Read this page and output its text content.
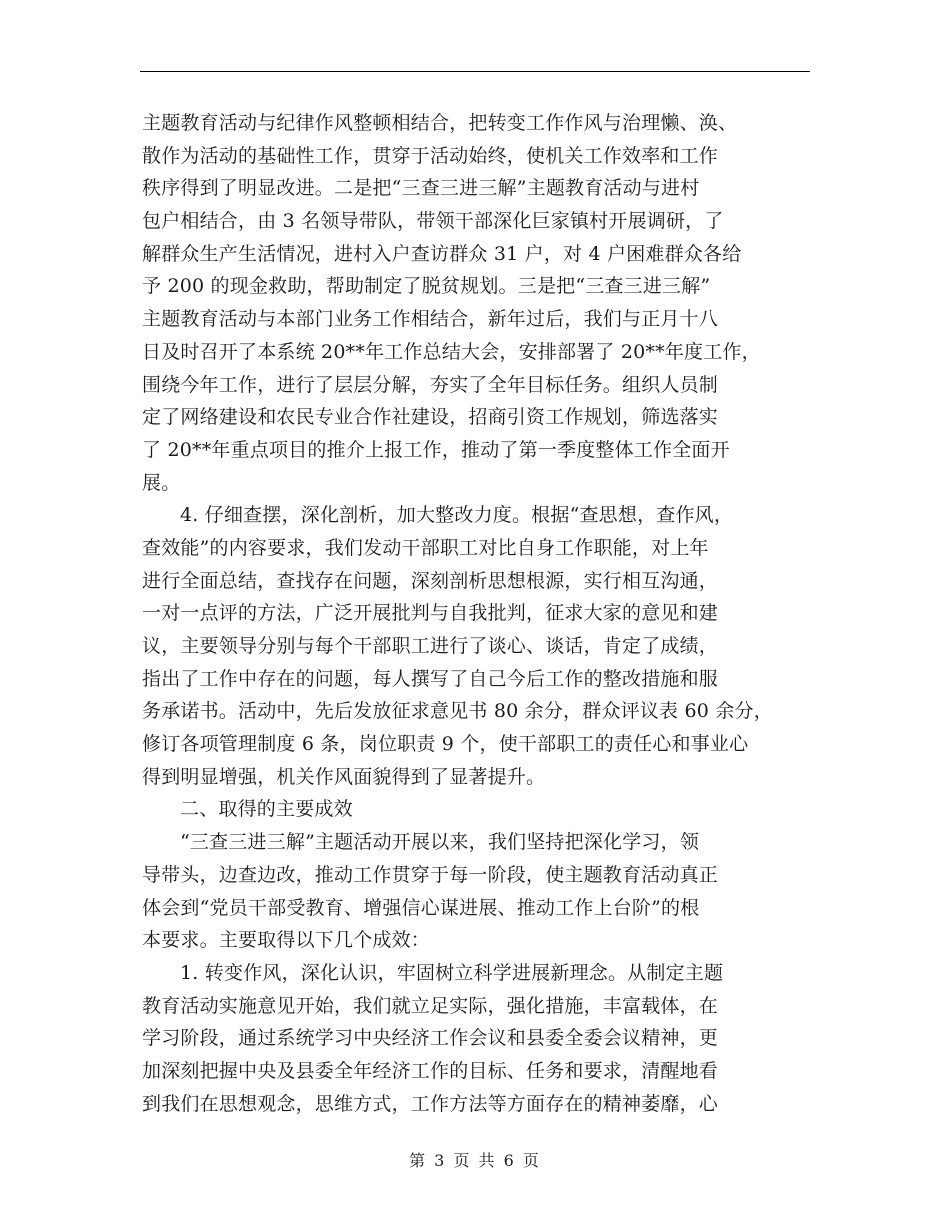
主题教育活动与纪律作风整顿相结合，把转变工作作风与治理懒、涣、
散作为活动的基础性工作，贯穿于活动始终，使机关工作效率和工作
秩序得到了明显改进。二是把“三查三进三解”主题教育活动与进村
包户相结合，由 3 名领导带队，带领干部深化巨家镇村开展调研，了
解群众生产生活情况，进村入户查访群众 31 户，对 4 户困难群众各给
予 200 的现金救助，帮助制定了脱贫规划。三是把“三查三进三解”
主题教育活动与本部门业务工作相结合，新年过后，我们与正月十八
日及时召开了本系统 20**年工作总结大会，安排部署了 20**年度工作，
围绕今年工作，进行了层层分解，夯实了全年目标任务。组织人员制
定了网络建设和农民专业合作社建设，招商引资工作规划，筛选落实
了 20**年重点项目的推介上报工作，推动了第一季度整体工作全面开
展。
4. 仔细查摆，深化剖析，加大整改力度。根据“查思想，查作风，
查效能”的内容要求，我们发动干部职工对比自身工作职能，对上年
进行全面总结，查找存在问题，深刻剖析思想根源，实行相互沟通，
一对一点评的方法，广泛开展批判与自我批判，征求大家的意见和建
议，主要领导分别与每个干部职工进行了谈心、谈话，肯定了成绩，
指出了工作中存在的问题，每人撰写了自己今后工作的整改措施和服
务承诺书。活动中，先后发放征求意见书 80 余分，群众评议表 60 余分，
修订各项管理制度 6 条，岗位职责 9 个，使干部职工的责任心和事业心
得到明显增强，机关作风面貌得到了显著提升。
二、取得的主要成效
“三查三进三解”主题活动开展以来，我们坚持把深化学习，领
导带头，边查边改，推动工作贯穿于每一阶段，使主题教育活动真正
体会到“党员干部受教育、增强信心谋进展、推动工作上台阶”的根
本要求。主要取得以下几个成效：
1. 转变作风，深化认识，牢固树立科学进展新理念。从制定主题
教育活动实施意见开始，我们就立足实际，强化措施，丰富载体，在
学习阶段，通过系统学习中央经济工作会议和县委全委会议精神，更
加深刻把握中央及县委全年经济工作的目标、任务和要求，清醒地看
到我们在思想观念，思维方式，工作方法等方面存在的精神萎靡，心
第 3 页 共 6 页
